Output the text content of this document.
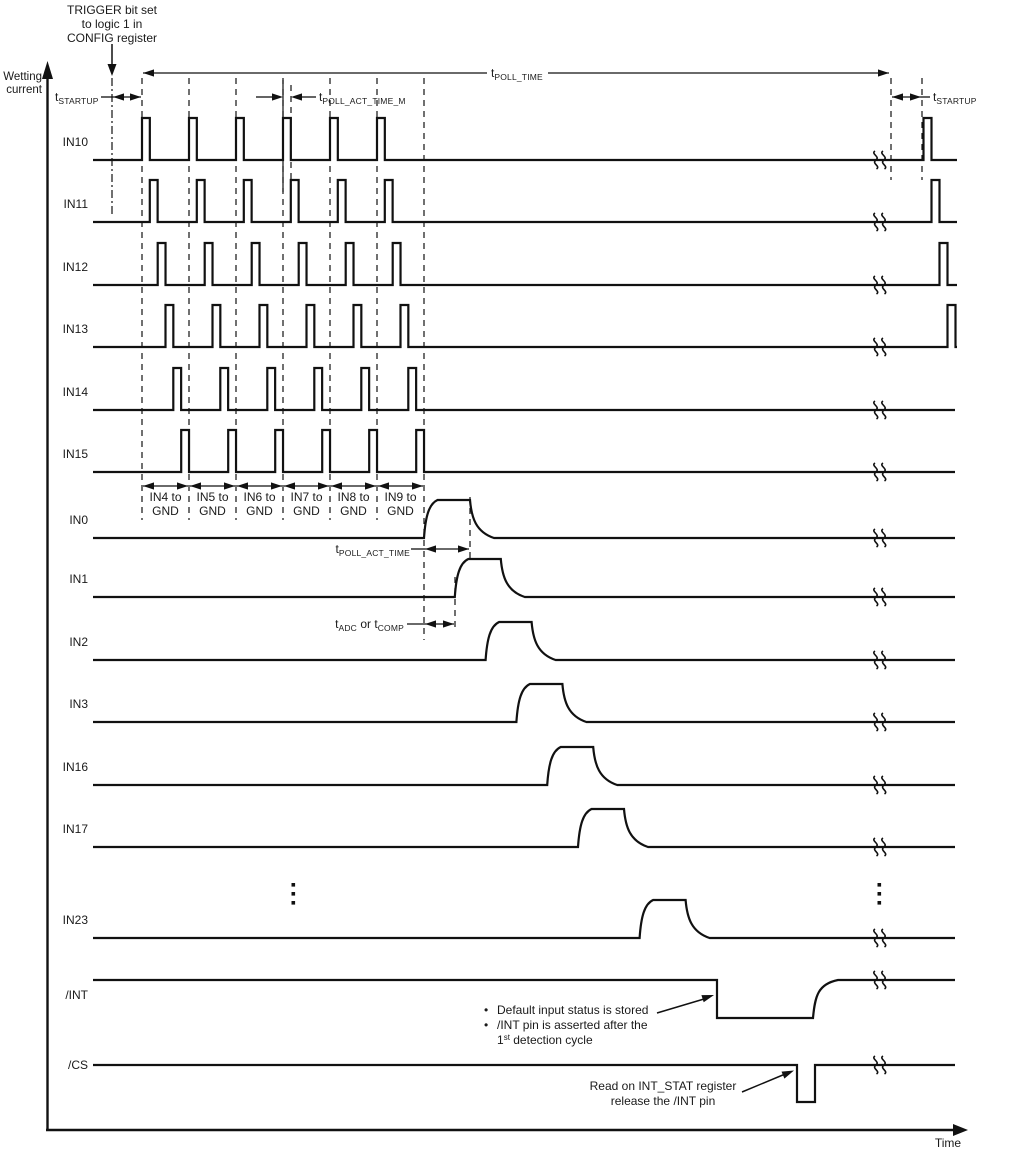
Wetting
current
Time
TRIGGER bit set
to logic 1 in
CONFIG register
$t_{STARTUP}$
$t_{POLL\_TIME}$
$t_{POLL\_ACT\_TIME\_M}$
$t_{POLL\_ACT\_TIME}$
$t_{ADC}$ or $t_{COMP}$
$t_{STARTUP}$
• Default input status is stored
• /INT pin is asserted after the
1st detection cycle
Read on INT_STAT register
release the /INT pin
IN10
IN11
IN12
IN13
IN14
IN15
IN0
IN1
IN2
IN3
IN16
IN17
IN23
/INT
/CS
IN4 to
GND
IN5 to
GND
IN6 to
GND
IN7 to
GND
IN8 to
GND
IN9 to
GND
